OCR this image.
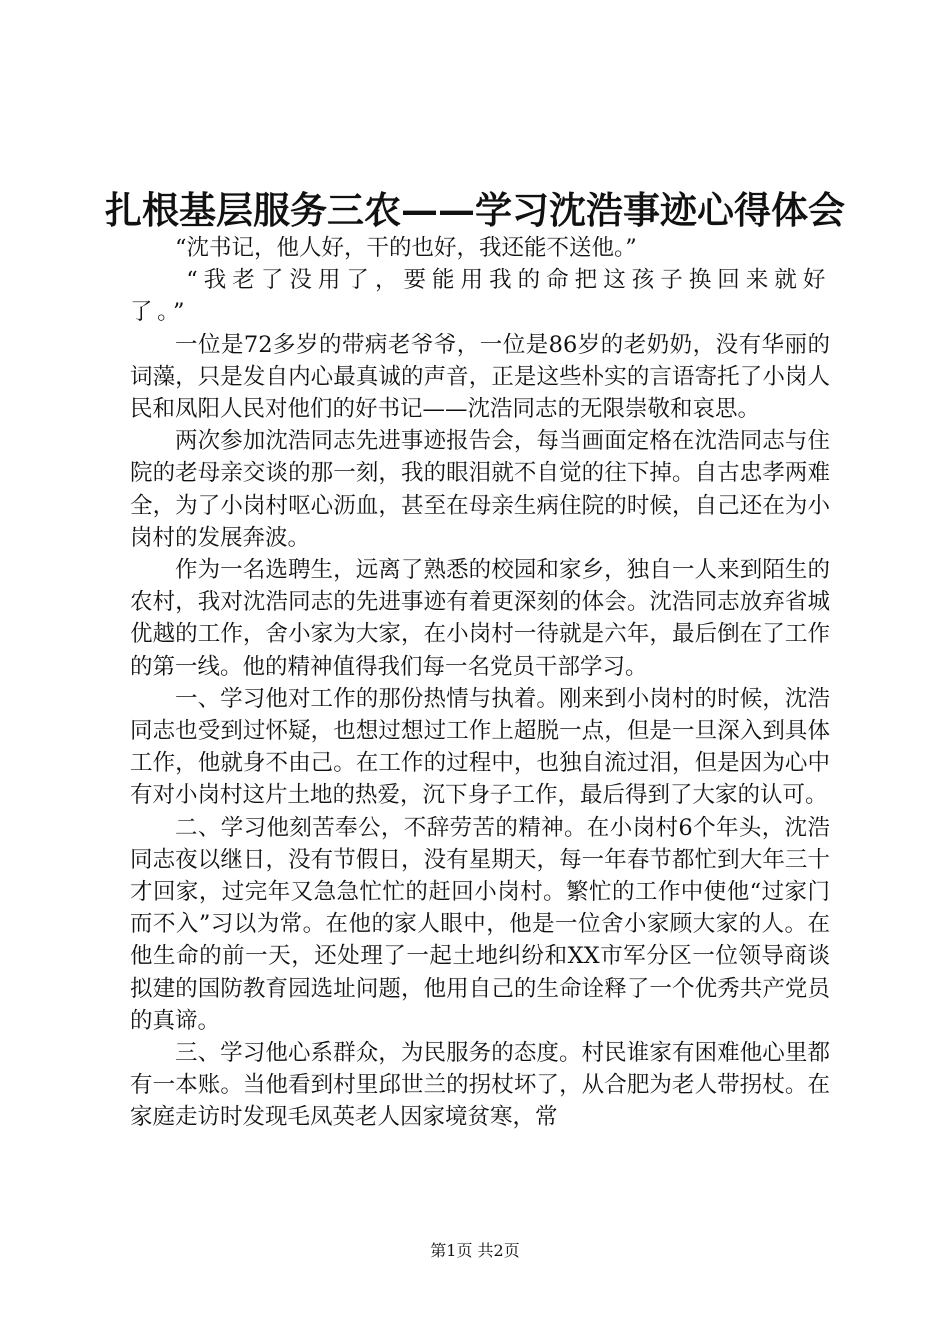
扎根基层服务三农——学习沈浩事迹心得体会

“沈书记，他人好，干的也好，我还能不送他。”

“我老了没用了，要能用我的命把这孩子换回来就好了。”

一位是72多岁的带病老爷爷，一位是86岁的老奶奶，没有华丽的词藻，只是发自内心最真诚的声音，正是这些朴实的言语寄托了小岗人民和凤阳人民对他们的好书记——沈浩同志的无限崇敬和哀思。

两次参加沈浩同志先进事迹报告会，每当画面定格在沈浩同志与住院的老母亲交谈的那一刻，我的眼泪就不自觉的往下掉。自古忠孝两难全，为了小岗村呕心沥血，甚至在母亲生病住院的时候，自己还在为小岗村的发展奔波。

作为一名选聘生，远离了熟悉的校园和家乡，独自一人来到陌生的农村，我对沈浩同志的先进事迹有着更深刻的体会。沈浩同志放弃省城优越的工作，舍小家为大家，在小岗村一待就是六年，最后倒在了工作的第一线。他的精神值得我们每一名党员干部学习。

一、学习他对工作的那份热情与执着。刚来到小岗村的时候，沈浩同志也受到过怀疑，也想过想过工作上超脱一点，但是一旦深入到具体工作，他就身不由己。在工作的过程中，也独自流过泪，但是因为心中有对小岗村这片土地的热爱，沉下身子工作，最后得到了大家的认可。

二、学习他刻苦奉公，不辞劳苦的精神。在小岗村6个年头，沈浩同志夜以继日，没有节假日，没有星期天，每一年春节都忙到大年三十才回家，过完年又急急忙忙的赶回小岗村。繁忙的工作中使他“过家门而不入”习以为常。在他的家人眼中，他是一位舍小家顾大家的人。在他生命的前一天，还处理了一起土地纠纷和XX市军分区一位领导商谈拟建的国防教育园选址问题，他用自己的生命诠释了一个优秀共产党员的真谛。

三、学习他心系群众，为民服务的态度。村民谁家有困难他心里都有一本账。当他看到村里邱世兰的拐杖坏了，从合肥为老人带拐杖。在家庭走访时发现毛凤英老人因家境贫寒，常

第1页 共2页
